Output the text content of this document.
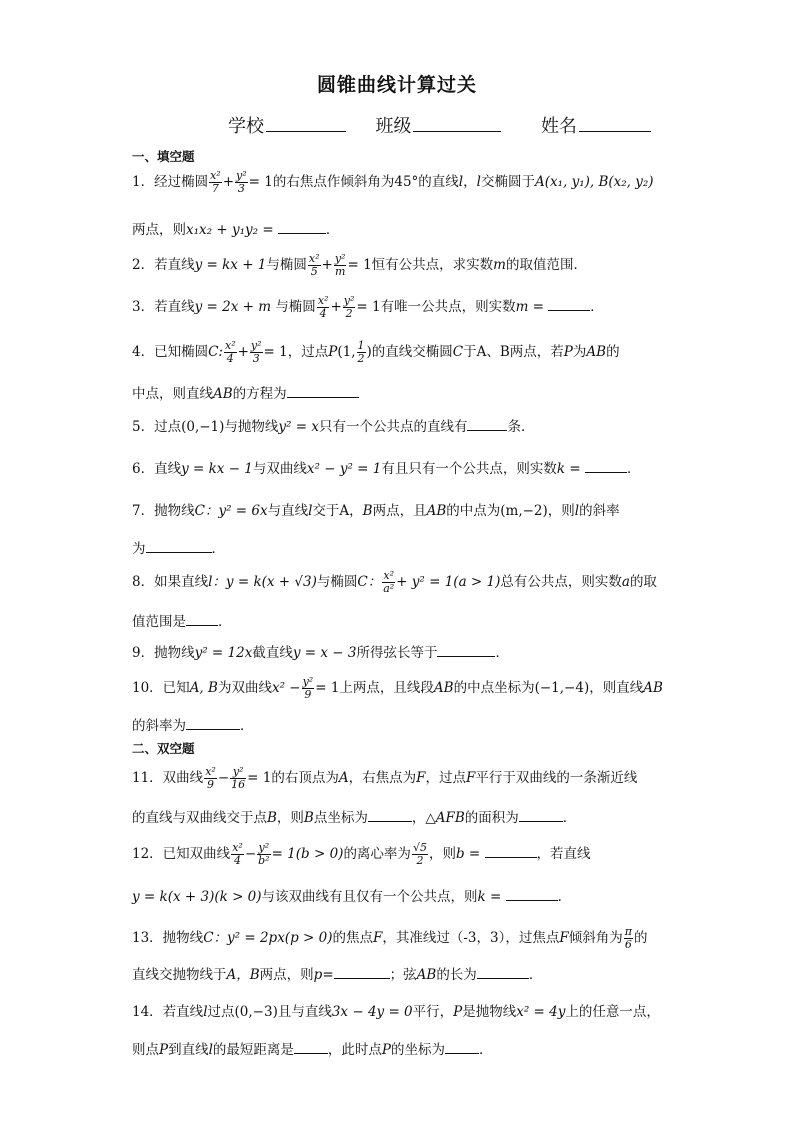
圆锥曲线计算过关
学校	班级	姓名
一、填空题
1．经过椭圆 $\frac{\text{x²}}{7} + \frac{\text{y²}}{3} = 1$的右焦点作倾斜角为45°的直线l，l交椭圆于A(x₁, y₁), B(x₂, y₂)
两点，则x₁x₂ + y₁y₂ =	．
2．若直线y = kx + 1与椭圆 $\frac{\text{x²}}{5} + \frac{\text{y²}}{m} = 1$恒有公共点，求实数m的取值范围．
3．若直线y = 2x + m 与椭圆 $\frac{\text{x²}}{4} + \frac{\text{y²}}{2} = 1$有唯一公共点，则实数m =	．
4．已知椭圆C: $\frac{\text{x²}}{4} + \frac{\text{y²}}{3} = 1$，过点P(1, $\frac{1}{2}$ )的直线交椭圆C于A、B两点，若P为AB的
中点，则直线AB的方程为
5．过点(0,−1)与抛物线y² = x只有一个公共点的直线有	条．
6．直线y = kx − 1与双曲线x² − y² = 1有且只有一个公共点，则实数k =	．
7．抛物线C：y² = 6x与直线l交于A，B两点，且AB的中点为(m,−2)，则l的斜率
为	．
8．如果直线l：y = k(x + √3)与椭圆C： $\frac{\text{x²}}{\text{a²}} + y^2 = 1(a > 1)$总有公共点，则实数a的取
值范围是 ．
9．抛物线y² = 12x截直线y = x − 3所得弦长等于	．
10．已知A, B为双曲线$x^2 - \frac{\text{y²}}{9} = 1$上两点，且线段AB的中点坐标为(−1,−4)，则直线AB
的斜率为	．
二、双空题
11．双曲线 $\frac{\text{x²}}{9} - \frac{\text{y²}}{16} = 1$的右顶点为A，右焦点为F，过点F平行于双曲线的一条渐近线
的直线与双曲线交于点B，则B点坐标为	，△AFB的面积为	．
12．已知双曲线 $\frac{\text{x²}}{4} - \frac{\text{y²}}{\text{b²}} = 1(b > 0)$的离心率为 $\frac{√5}{2}$ ，则b =	，若直线
y = k(x + 3)(k > 0)与该双曲线有且仅有一个公共点，则k =	．
13．抛物线C：y² = 2px(p > 0)的焦点F，其准线过（-3，3），过焦点F倾斜角为 $\frac{\pi}{6}$ 的
直线交抛物线于A，B两点，则p=	；弦AB的长为	．
14．若直线l过点(0,−3)且与直线3x − 4y = 0平行，P是抛物线x² = 4y上的任意一点，
则点P到直线l的最短距离是	，此时点P的坐标为	．
